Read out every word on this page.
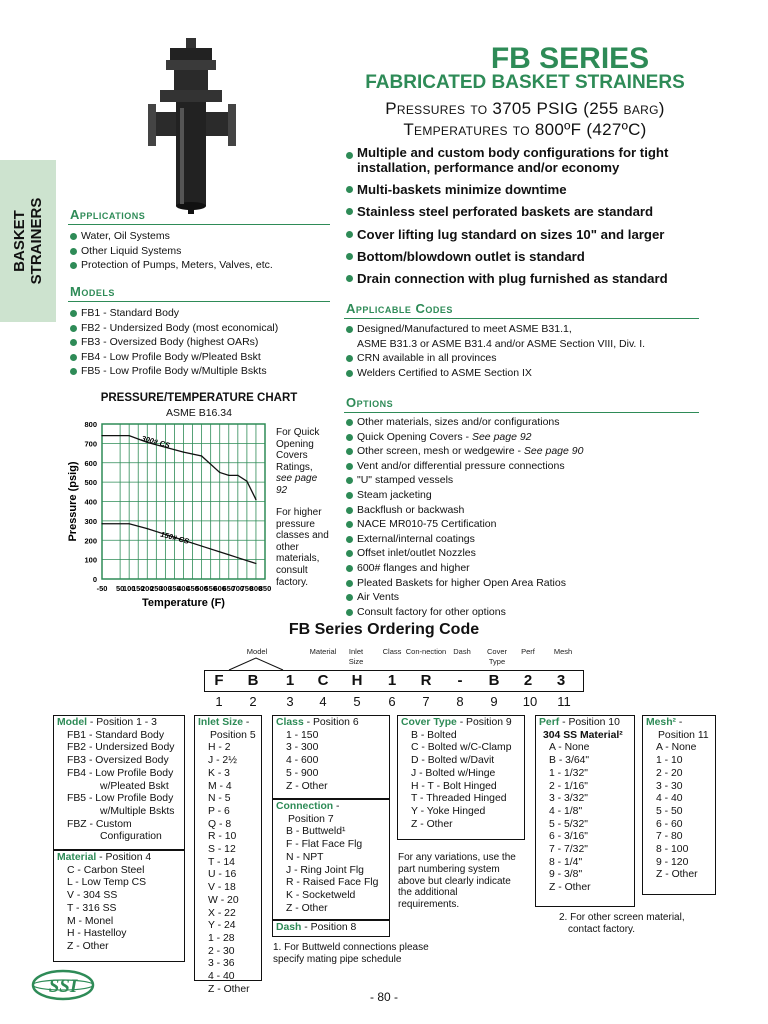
BASKET STRAINERS
FB SERIES
FABRICATED BASKET STRAINERS
Pressures to 3705 PSIG (255 barg)
Temperatures to 800ºF (427ºC)
Multiple and custom body configurations for tight installation, performance and/or economy
Multi-baskets minimize downtime
Stainless steel perforated baskets are standard
Cover lifting lug standard on sizes 10" and larger
Bottom/blowdown outlet is standard
Drain connection with plug furnished as standard
Applications
Water, Oil Systems
Other Liquid Systems
Protection of Pumps, Meters, Valves, etc.
Models
FB1 - Standard Body
FB2 - Undersized Body (most economical)
FB3 - Oversized Body (highest OARs)
FB4 - Low Profile Body w/Pleated Bskt
FB5 - Low Profile Body w/Multiple Bskts
Applicable Codes
Designed/Manufactured to meet ASME B31.1,
ASME B31.3 or ASME B31.4 and/or ASME Section VIII, Div. I.
CRN available in all provinces
Welders Certified to ASME Section IX
Options
Other materials, sizes and/or configurations
Quick Opening Covers - See page 92
Other screen, mesh or wedgewire - See page 90
Vent and/or differential pressure connections
"U" stamped vessels
Steam jacketing
Backflush or backwash
NACE MR010-75 Certification
External/internal coatings
Offset inlet/outlet Nozzles
600# flanges and higher
Pleated Baskets for higher Open Area Ratios
Air Vents
Consult factory for other options
PRESSURE/TEMPERATURE CHART
ASME B16.34
-50 50
100
150
200
250
300
350
400
450
500
550
600
650
700
750
800
850
0
100
200
300
400
500
600
700
800
300# CS
150# CS
Temperature (F)
Pressure (psig)
For Quick
Opening
Covers
Ratings,
see page
92
For higher
pressure
classes and
other
materials,
consult
factory.
FB Series Ordering Code
Model	Material	Inlet Size
Class Con-nection Dash	Cover Type
Perf	Mesh
F	B	1	C	H	1	R	-	B	2	3
1	2	3	4	5	6	7	8	9	10	11
Model - Position 1 - 3
FB1 - Standard Body
FB2 - Undersized Body
FB3 - Oversized Body
FB4 - Low Profile Body
w/Pleated Bskt
FB5 - Low Profile Body
w/Multiple Bskts
FBZ - Custom
Configuration
Material - Position 4
C - Carbon Steel
L - Low Temp CS
V - 304 SS
T - 316 SS
M - Monel
H - Hastelloy
Z - Other
Inlet Size -
Position 5
H - 2
J - 2½
K - 3
M - 4
N - 5
P - 6
Q - 8
R - 10
S - 12
T - 14
U - 16
V - 18
W - 20
X - 22
Y - 24
1 - 28
2 - 30
3 - 36
4 - 40
Z - Other
Class - Position 6
1 - 150
3 - 300
4 - 600
5 - 900
Z - Other
Connection -
Position 7
B - Buttweld¹
F - Flat Face Flg
N - NPT
J - Ring Joint Flg
R - Raised Face Flg
K - Socketweld
Z - Other
Dash - Position 8
1. For Buttweld connections please
specify mating pipe schedule
Cover Type - Position 9
B - Bolted
C - Bolted w/C-Clamp
D - Bolted w/Davit
J - Bolted w/Hinge
H - T - Bolt Hinged
T - Threaded Hinged
Y - Yoke Hinged
Z - Other
For any variations, use the
part numbering system
above but clearly indicate
the additional
requirements.
Perf - Position 10
304 SS Material²
A - None
B - 3/64"
1 - 1/32"
2 - 1/16"
3 - 3/32"
4 - 1/8"
5 - 5/32"
6 - 3/16"
7 - 7/32"
8 - 1/4"
9 - 3/8"
Z - Other
Mesh² -
Position 11
A - None
1 - 10
2 - 20
3 - 30
4 - 40
5 - 50
6 - 60
7 - 80
8 - 100
9 - 120
Z - Other
2. For other screen material,
contact factory.
SSI	- 80 -
